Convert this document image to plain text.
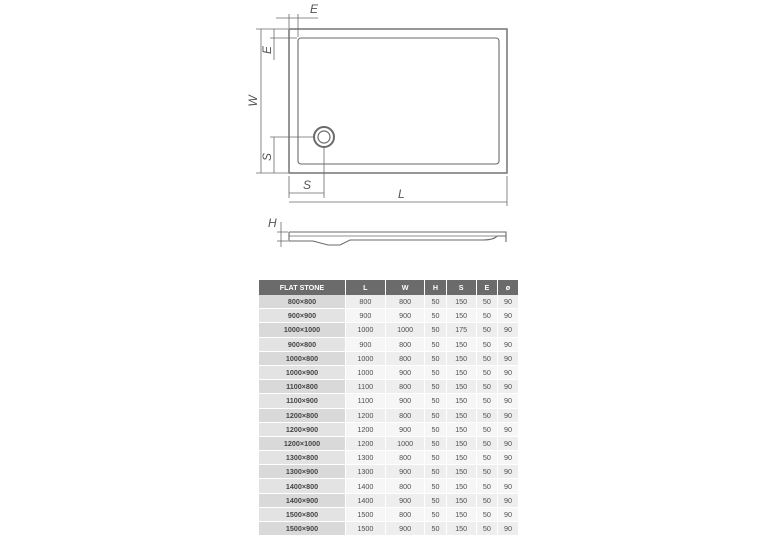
E
W
E
S
S
L
H
FLAT STONE	L	W	H	S	E	ø
800×800	800	800	50	150	50	90
900×900	900	900	50	150	50	90
1000×1000	1000	1000	50	175	50	90
900×800	900	800	50	150	50	90
1000×800	1000	800	50	150	50	90
1000×900	1000	900	50	150	50	90
1100×800	1100	800	50	150	50	90
1100×900	1100	900	50	150	50	90
1200×800	1200	800	50	150	50	90
1200×900	1200	900	50	150	50	90
1200×1000	1200	1000	50	150	50	90
1300×800	1300	800	50	150	50	90
1300×900	1300	900	50	150	50	90
1400×800	1400	800	50	150	50	90
1400×900	1400	900	50	150	50	90
1500×800	1500	800	50	150	50	90
1500×900	1500	900	50	150	50	90
